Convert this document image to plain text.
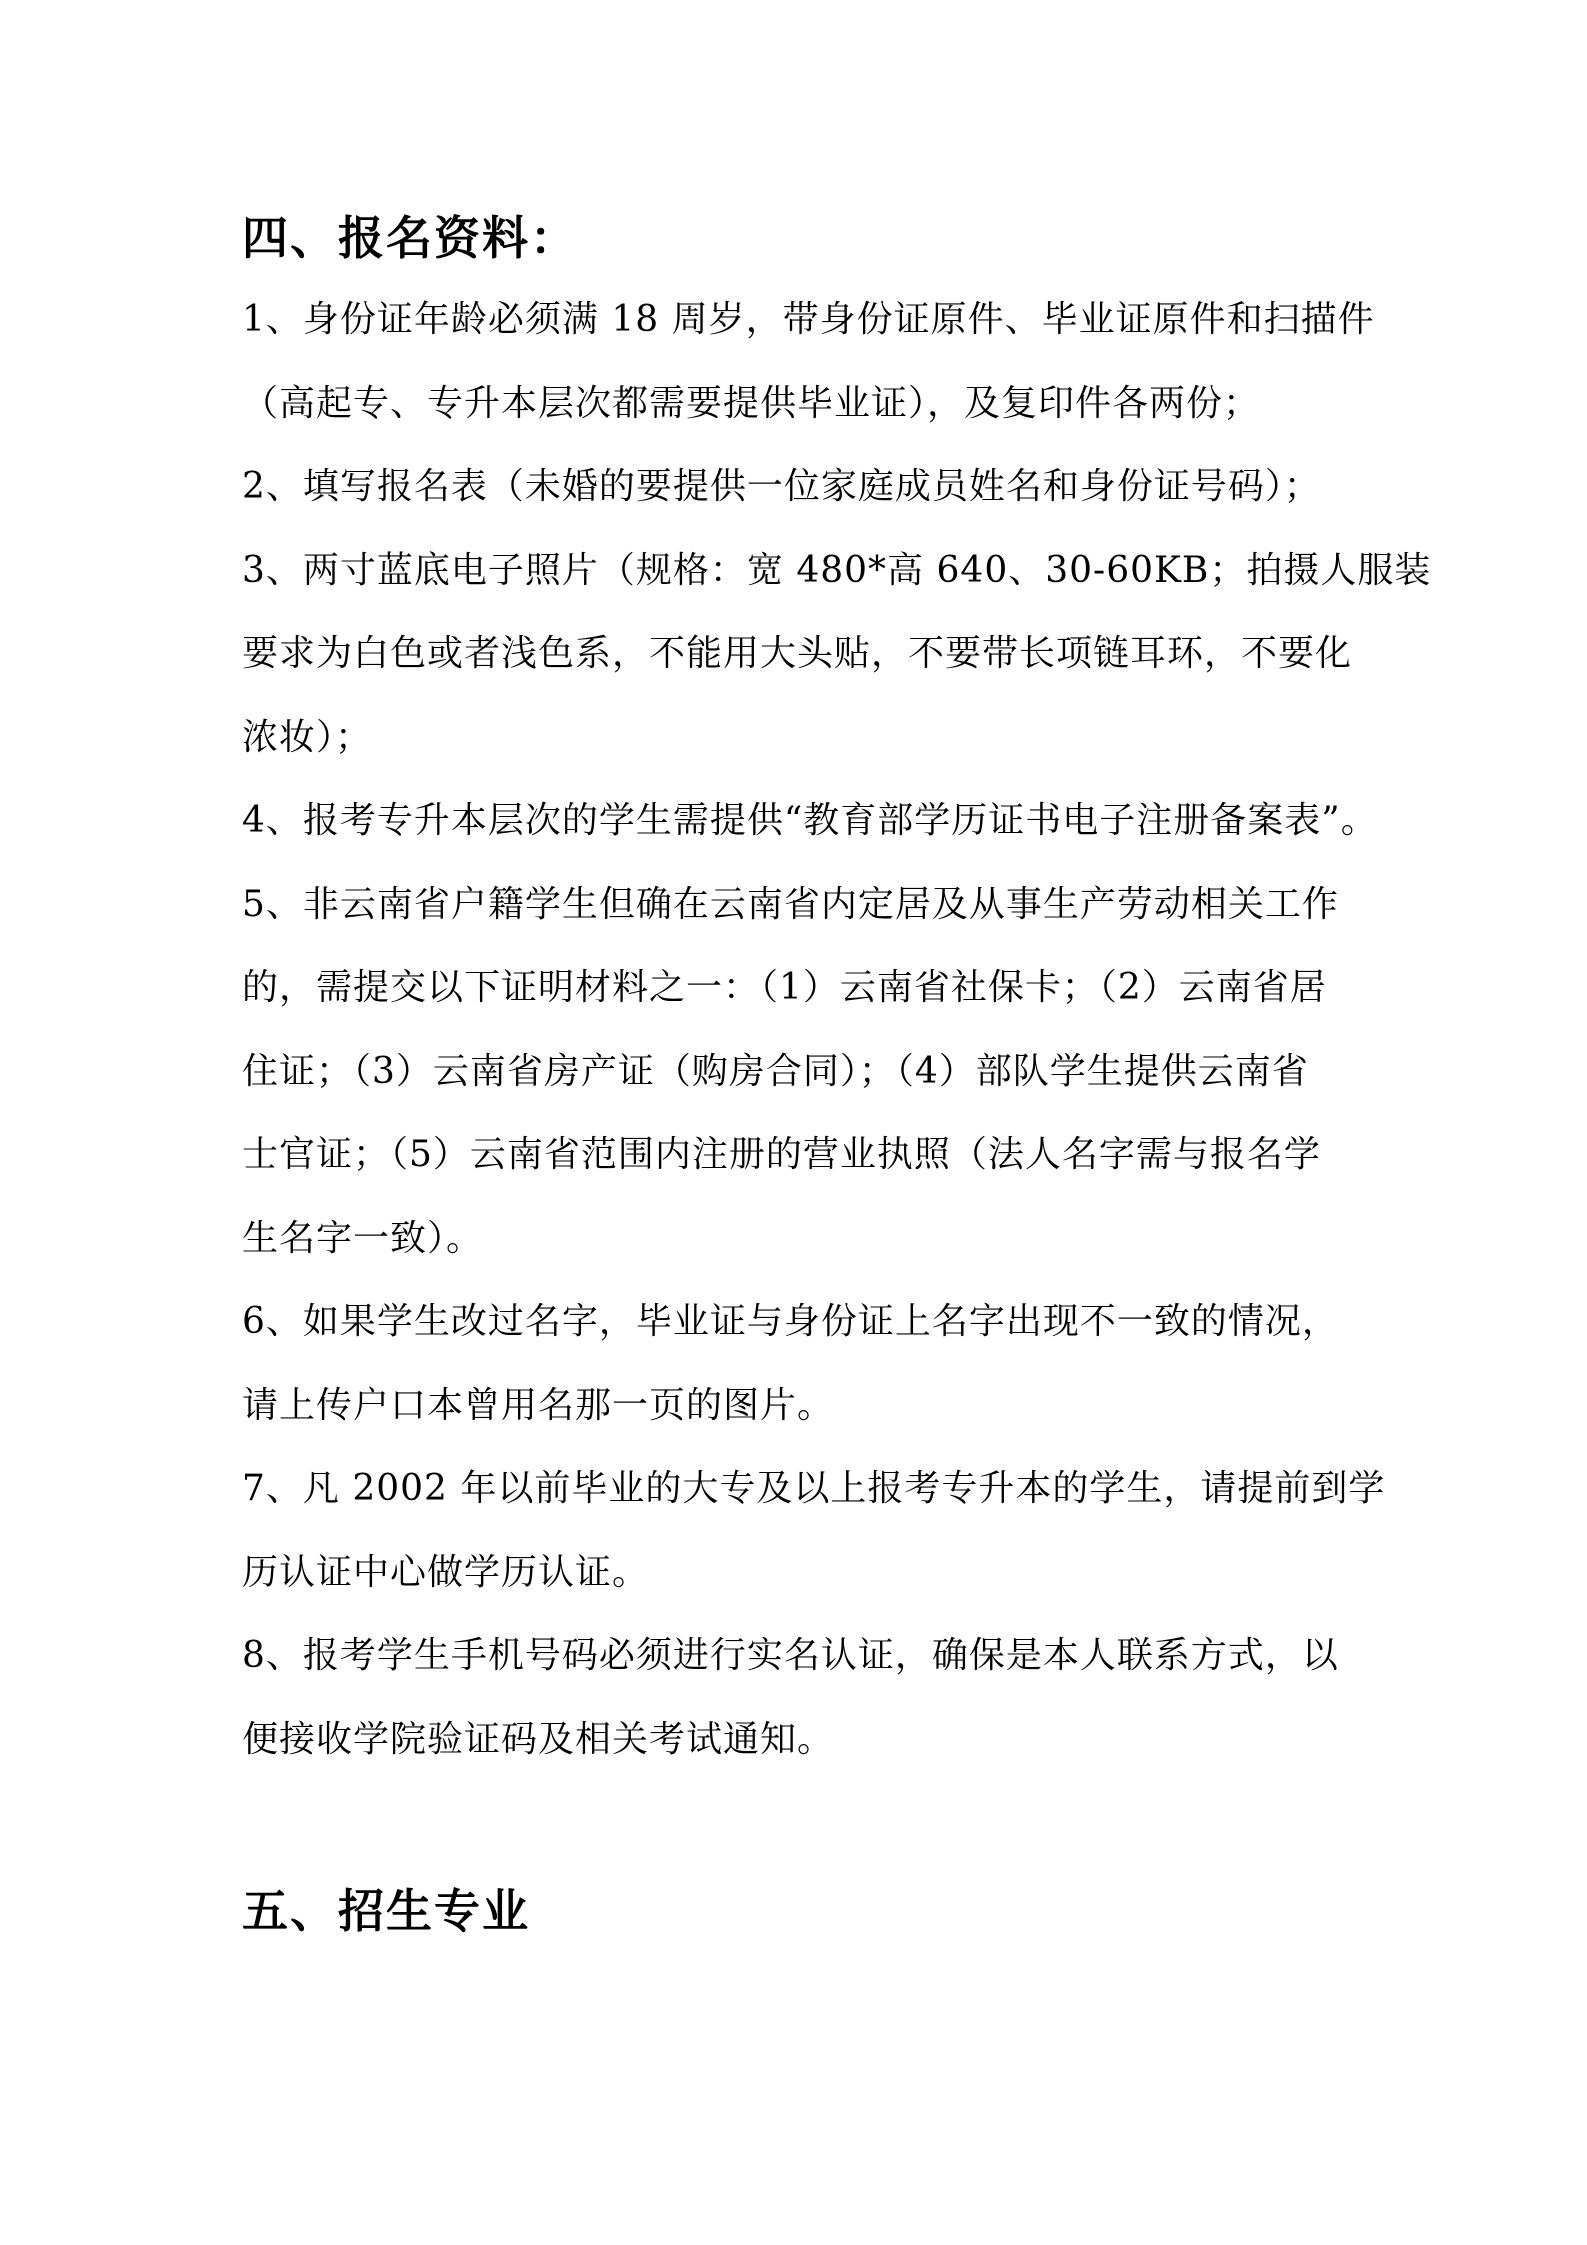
四、报名资料：
1、身份证年龄必须满 18 周岁，带身份证原件、毕业证原件和扫描件
（高起专、专升本层次都需要提供毕业证），及复印件各两份；
2、填写报名表（未婚的要提供一位家庭成员姓名和身份证号码）；
3、两寸蓝底电子照片（规格：宽 480*高 640、30-60KB；拍摄人服装
要求为白色或者浅色系，不能用大头贴，不要带长项链耳环，不要化
浓妆）；
4、报考专升本层次的学生需提供“教育部学历证书电子注册备案表”。
5、非云南省户籍学生但确在云南省内定居及从事生产劳动相关工作
的，需提交以下证明材料之一：（1）云南省社保卡；（2）云南省居
住证；（3）云南省房产证（购房合同）；（4）部队学生提供云南省
士官证；（5）云南省范围内注册的营业执照（法人名字需与报名学
生名字一致）。
6、如果学生改过名字，毕业证与身份证上名字出现不一致的情况，
请上传户口本曾用名那一页的图片。
7、凡 2002 年以前毕业的大专及以上报考专升本的学生，请提前到学
历认证中心做学历认证。
8、报考学生手机号码必须进行实名认证，确保是本人联系方式，以
便接收学院验证码及相关考试通知。
五、招生专业
